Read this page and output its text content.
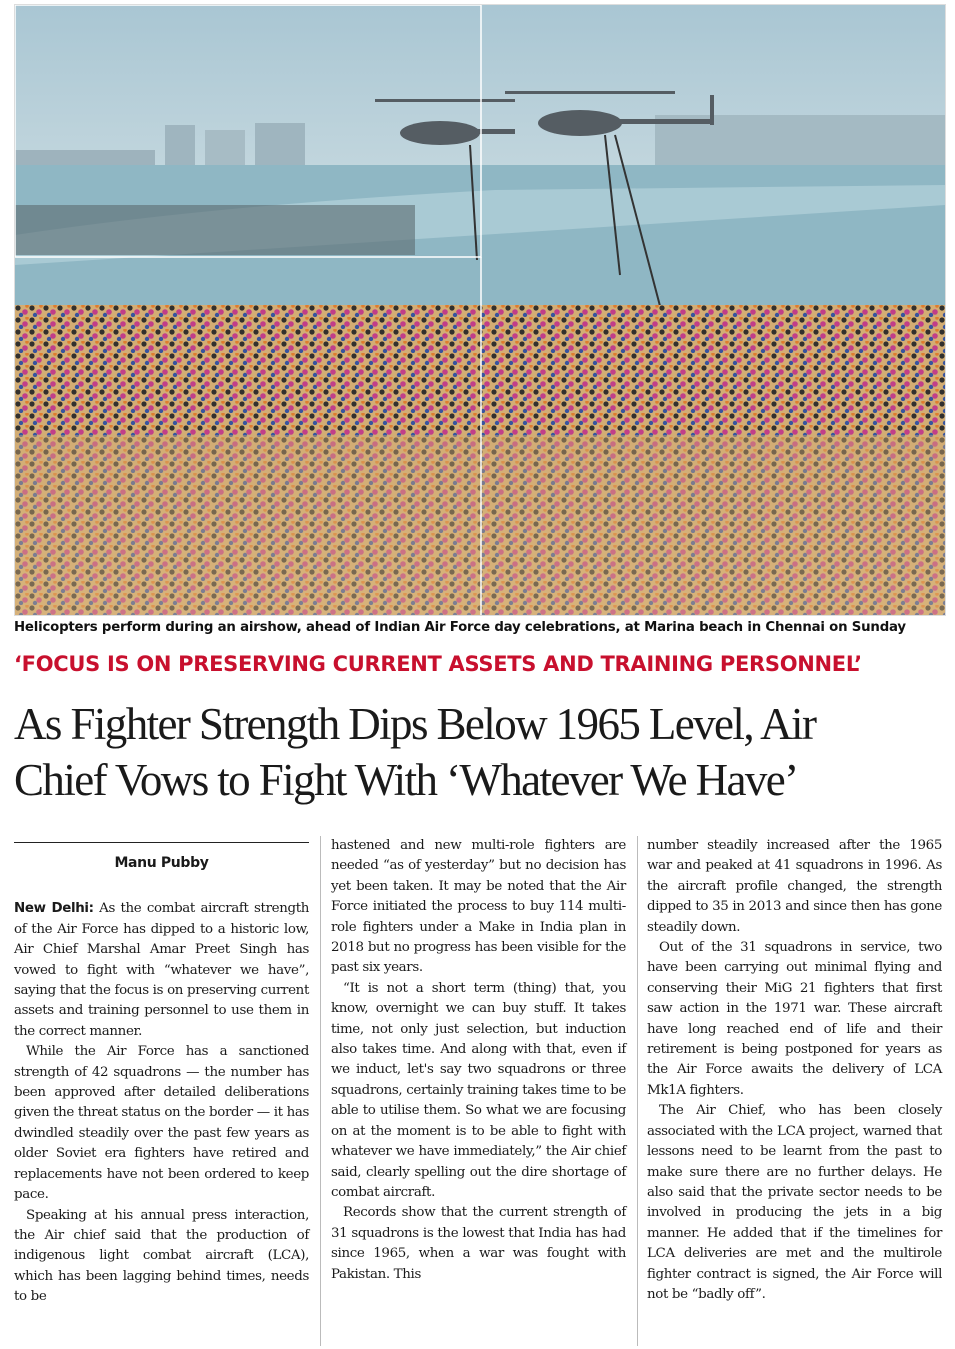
Helicopters perform during an airshow, ahead of Indian Air Force day celebrations, at Marina beach in Chennai on Sunday
‘FOCUS IS ON PRESERVING CURRENT ASSETS AND TRAINING PERSONNEL’
As Fighter Strength Dips Below 1965 Level, Air
Chief Vows to Fight With ‘Whatever We Have’
Manu Pubby

New Delhi: As the combat aircraft strength of the Air Force has dipped to a historic low, Air Chief Marshal Amar Preet Singh has vowed to fight with “whatever we have”, saying that the focus is on preserving current assets and training personnel to use them in the correct manner.

While the Air Force has a sanctioned strength of 42 squadrons — the number has been approved after detailed deliberations given the threat status on the border — it has dwindled steadily over the past few years as older Soviet era fighters have retired and replacements have not been ordered to keep pace.

Speaking at his annual press interaction, the Air chief said that the production of indigenous light combat aircraft (LCA), which has been lagging behind times, needs to be

hastened and new multi-role fighters are needed “as of yesterday” but no decision has yet been taken. It may be noted that the Air Force initiated the process to buy 114 multi-role fighters under a Make in India plan in 2018 but no progress has been visible for the past six years.

“It is not a short term (thing) that, you know, overnight we can buy stuff. It takes time, not only just selection, but induction also takes time. And along with that, even if we induct, let's say two squadrons or three squadrons, certainly training takes time to be able to utilise them. So what we are focusing on at the moment is to be able to fight with whatever we have immediately,” the Air chief said, clearly spelling out the dire shortage of combat aircraft.

Records show that the current strength of 31 squadrons is the lowest that India has had since 1965, when a war was fought with Pakistan. This

number steadily increased after the 1965 war and peaked at 41 squadrons in 1996. As the aircraft profile changed, the strength dipped to 35 in 2013 and since then has gone steadily down.

Out of the 31 squadrons in service, two have been carrying out minimal flying and conserving their MiG 21 fighters that first saw action in the 1971 war. These aircraft have long reached end of life and their retirement is being postponed for years as the Air Force awaits the delivery of LCA Mk1A fighters.

The Air Chief, who has been closely associated with the LCA project, warned that lessons need to be learnt from the past to make sure there are no further delays. He also said that the private sector needs to be involved in producing the jets in a big manner. He added that if the timelines for LCA deliveries are met and the multirole fighter contract is signed, the Air Force will not be “badly off”.
